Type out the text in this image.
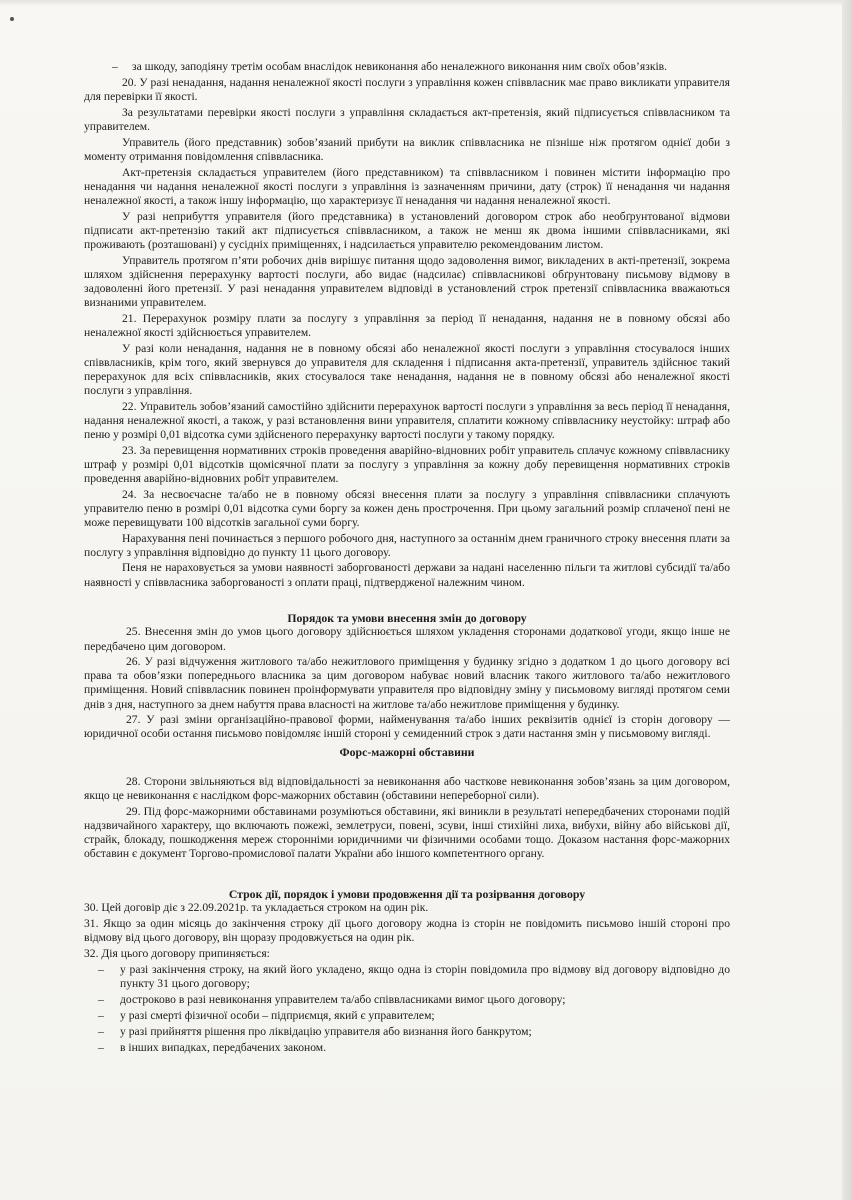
– за шкоду, заподіяну третім особам внаслідок невиконання або неналежного виконання ним своїх обов’язків.

20. У разі ненадання, надання неналежної якості послуги з управління кожен співвласник має право викликати управителя для перевірки її якості.

За результатами перевірки якості послуги з управління складається акт-претензія, який підписується співвласником та управителем.

Управитель (його представник) зобов’язаний прибути на виклик співвласника не пізніше ніж протягом однієї доби з моменту отримання повідомлення співвласника.

Акт-претензія складається управителем (його представником) та співвласником і повинен містити інформацію про ненадання чи надання неналежної якості послуги з управління із зазначенням причини, дату (строк) її ненадання чи надання неналежної якості, а також іншу інформацію, що характеризує її ненадання чи надання неналежної якості.

У разі неприбуття управителя (його представника) в установлений договором строк або необґрунтованої відмови підписати акт-претензію такий акт підписується співвласником, а також не менш як двома іншими співвласниками, які проживають (розташовані) у сусідніх приміщеннях, і надсилається управителю рекомендованим листом.

Управитель протягом п’яти робочих днів вирішує питання щодо задоволення вимог, викладених в акті-претензії, зокрема шляхом здійснення перерахунку вартості послуги, або видає (надсилає) співвласникові обґрунтовану письмову відмову в задоволенні його претензії. У разі ненадання управителем відповіді в установлений строк претензії співвласника вважаються визнаними управителем.

21. Перерахунок розміру плати за послугу з управління за період її ненадання, надання не в повному обсязі або неналежної якості здійснюється управителем.

У разі коли ненадання, надання не в повному обсязі або неналежної якості послуги з управління стосувалося інших співвласників, крім того, який звернувся до управителя для складення і підписання акта-претензії, управитель здійснює такий перерахунок для всіх співвласників, яких стосувалося таке ненадання, надання не в повному обсязі або неналежної якості послуги з управління.

22. Управитель зобов’язаний самостійно здійснити перерахунок вартості послуги з управління за весь період її ненадання, надання неналежної якості, а також, у разі встановлення вини управителя, сплатити кожному співвласнику неустойку: штраф або пеню у розмірі 0,01 відсотка суми здійсненого перерахунку вартості послуги у такому порядку.

23. За перевищення нормативних строків проведення аварійно-відновних робіт управитель сплачує кожному співвласнику штраф у розмірі 0,01 відсотків щомісячної плати за послугу з управління за кожну добу перевищення нормативних строків проведення аварійно-відновних робіт управителем.

24. За несвоєчасне та/або не в повному обсязі внесення плати за послугу з управління співвласники сплачують управителю пеню в розмірі 0,01 відсотка суми боргу за кожен день прострочення. При цьому загальний розмір сплаченої пені не може перевищувати 100 відсотків загальної суми боргу.

Нарахування пені починається з першого робочого дня, наступного за останнім днем граничного строку внесення плати за послугу з управління відповідно до пункту 11 цього договору.

Пеня не нараховується за умови наявності заборгованості держави за надані населенню пільги та житлові субсидії та/або наявності у співвласника заборгованості з оплати праці, підтвердженої належним чином.

Порядок та умови внесення змін до договору

25. Внесення змін до умов цього договору здійснюється шляхом укладення сторонами додаткової угоди, якщо інше не передбачено цим договором.

26. У разі відчуження житлового та/або нежитлового приміщення у будинку згідно з додатком 1 до цього договору всі права та обов’язки попереднього власника за цим договором набуває новий власник такого житлового та/або нежитлового приміщення. Новий співвласник повинен проінформувати управителя про відповідну зміну у письмовому вигляді протягом семи днів з дня, наступного за днем набуття права власності на житлове та/або нежитлове приміщення у будинку.

27. У разі зміни організаційно-правової форми, найменування та/або інших реквізитів однієї із сторін договору — юридичної особи остання письмово повідомляє іншій стороні у семиденний строк з дати настання змін у письмовому вигляді.

Форс-мажорні обставини

28. Сторони звільняються від відповідальності за невиконання або часткове невиконання зобов’язань за цим договором, якщо це невиконання є наслідком форс-мажорних обставин (обставини непереборної сили).

29. Під форс-мажорними обставинами розуміються обставини, які виникли в результаті непередбачених сторонами подій надзвичайного характеру, що включають пожежі, землетруси, повені, зсуви, інші стихійні лиха, вибухи, війну або військові дії, страйк, блокаду, пошкодження мереж сторонніми юридичними чи фізичними особами тощо. Доказом настання форс-мажорних обставин є документ Торгово-промислової палати України або іншого компетентного органу.

Строк дії, порядок і умови продовження дії та розірвання договору

30. Цей договір діє з 22.09.2021р. та укладається строком на один рік.

31. Якщо за один місяць до закінчення строку дії цього договору жодна із сторін не повідомить письмово іншій стороні про відмову від цього договору, він щоразу продовжується на один рік.

32. Дія цього договору припиняється:

– у разі закінчення строку, на який його укладено, якщо одна із сторін повідомила про відмову від договору відповідно до пункту 31 цього договору;
– достроково в разі невиконання управителем та/або співвласниками вимог цього договору;
– у разі смерті фізичної особи – підприємця, який є управителем;
– у разі прийняття рішення про ліквідацію управителя або визнання його банкрутом;
– в інших випадках, передбачених законом.
